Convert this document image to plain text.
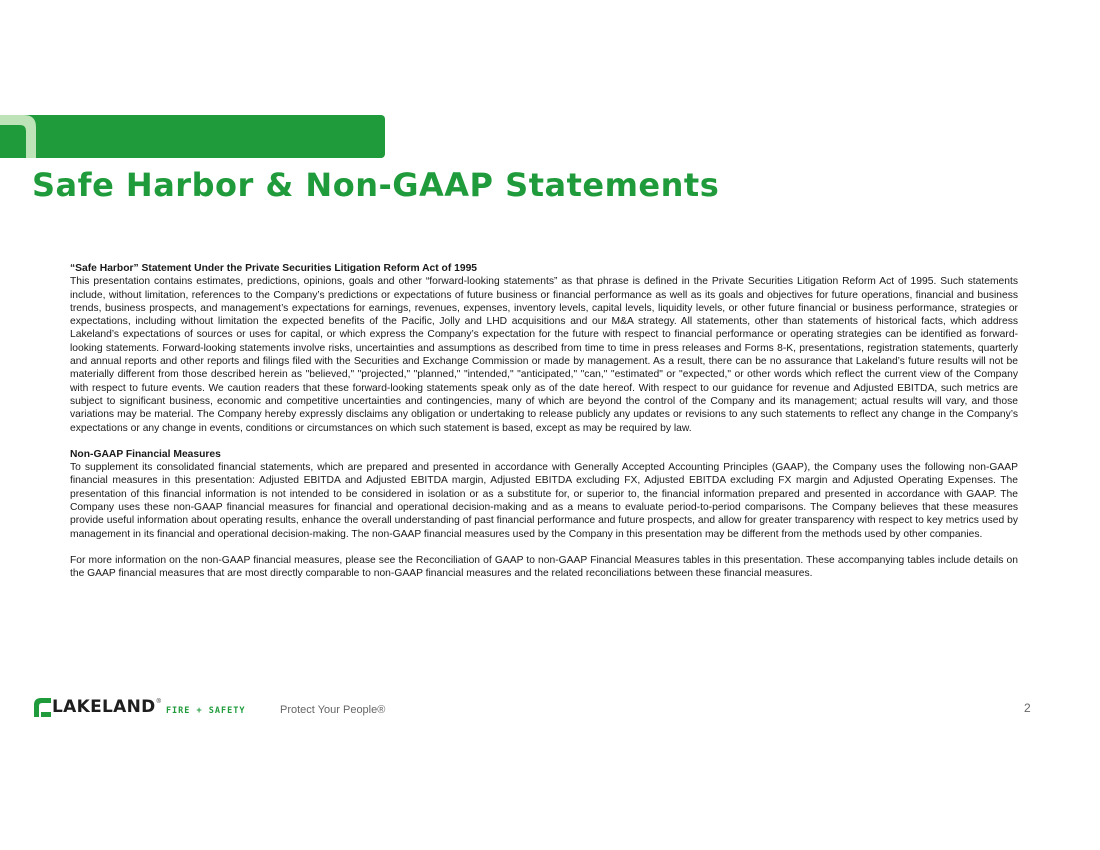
Safe Harbor & Non-GAAP Statements

“Safe Harbor” Statement Under the Private Securities Litigation Reform Act of 1995

This presentation contains estimates, predictions, opinions, goals and other “forward-looking statements” as that phrase is defined in the Private Securities Litigation Reform Act of 1995. Such statements include, without limitation, references to the Company’s predictions or expectations of future business or financial performance as well as its goals and objectives for future operations, financial and business trends, business prospects, and management’s expectations for earnings, revenues, expenses, inventory levels, capital levels, liquidity levels, or other future financial or business performance, strategies or expectations, including without limitation the expected benefits of the Pacific, Jolly and LHD acquisitions and our M&A strategy. All statements, other than statements of historical facts, which address Lakeland’s expectations of sources or uses for capital, or which express the Company’s expectation for the future with respect to financial performance or operating strategies can be identified as forward-looking statements. Forward-looking statements involve risks, uncertainties and assumptions as described from time to time in press releases and Forms 8-K, presentations, registration statements, quarterly and annual reports and other reports and filings filed with the Securities and Exchange Commission or made by management. As a result, there can be no assurance that Lakeland’s future results will not be materially different from those described herein as "believed," "projected," "planned," "intended," "anticipated," "can," "estimated" or "expected," or other words which reflect the current view of the Company with respect to future events. We caution readers that these forward-looking statements speak only as of the date hereof. With respect to our guidance for revenue and Adjusted EBITDA, such metrics are subject to significant business, economic and competitive uncertainties and contingencies, many of which are beyond the control of the Company and its management; actual results will vary, and those variations may be material. The Company hereby expressly disclaims any obligation or undertaking to release publicly any updates or revisions to any such statements to reflect any change in the Company’s expectations or any change in events, conditions or circumstances on which such statement is based, except as may be required by law.

Non-GAAP Financial Measures

To supplement its consolidated financial statements, which are prepared and presented in accordance with Generally Accepted Accounting Principles (GAAP), the Company uses the following non-GAAP financial measures in this presentation: Adjusted EBITDA and Adjusted EBITDA margin, Adjusted EBITDA excluding FX, Adjusted EBITDA excluding FX margin and Adjusted Operating Expenses. The presentation of this financial information is not intended to be considered in isolation or as a substitute for, or superior to, the financial information prepared and presented in accordance with GAAP. The Company uses these non-GAAP financial measures for financial and operational decision-making and as a means to evaluate period-to-period comparisons. The Company believes that these measures provide useful information about operating results, enhance the overall understanding of past financial performance and future prospects, and allow for greater transparency with respect to key metrics used by management in its financial and operational decision-making. The non-GAAP financial measures used by the Company in this presentation may be different from the methods used by other companies.

For more information on the non-GAAP financial measures, please see the Reconciliation of GAAP to non-GAAP Financial Measures tables in this presentation. These accompanying tables include details on the GAAP financial measures that are most directly comparable to non-GAAP financial measures and the related reconciliations between these financial measures.

LAKELAND ®
FIRE + SAFETY	Protect Your People®	2
